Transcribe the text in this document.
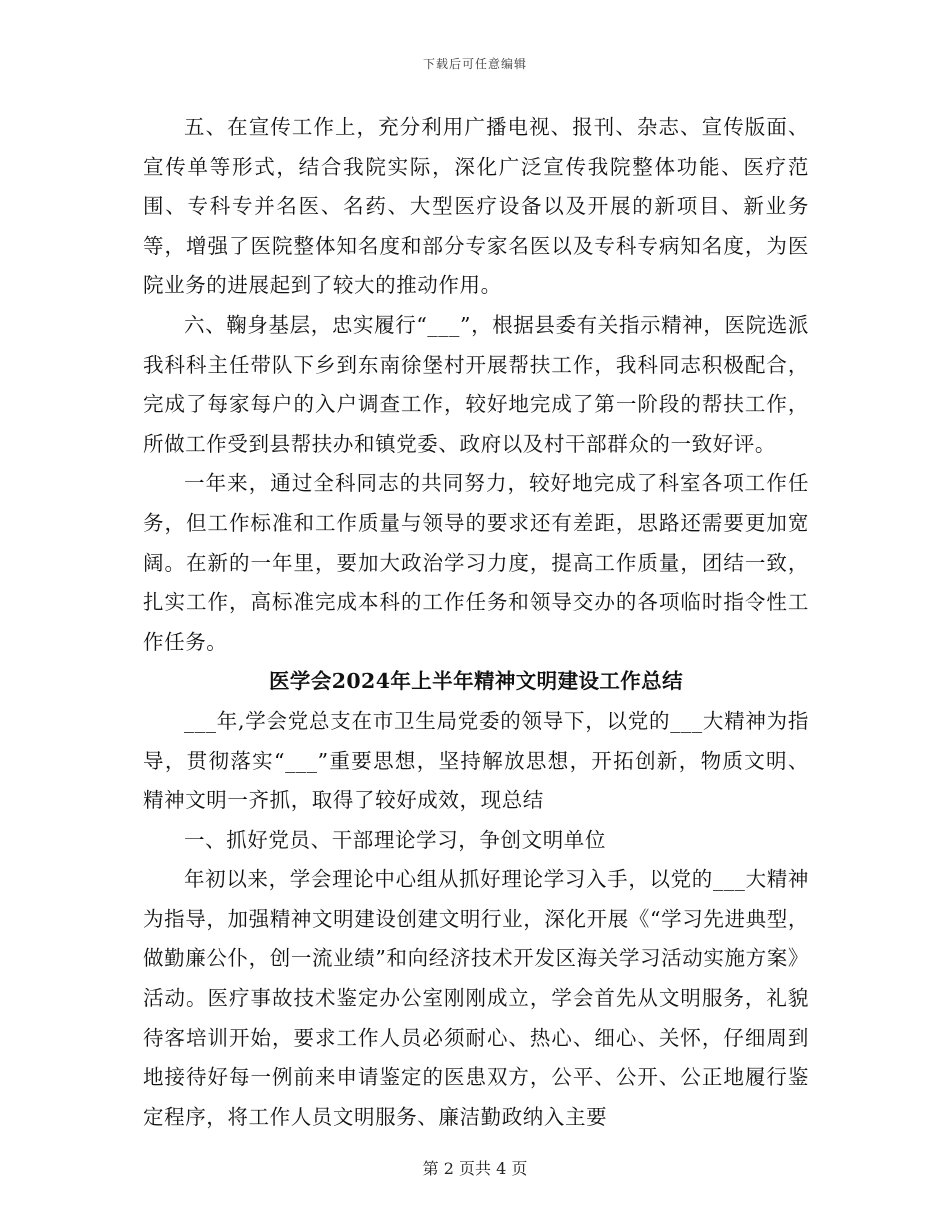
下载后可任意编辑

五、在宣传工作上，充分利用广播电视、报刊、杂志、宣传版面、宣传单等形式，结合我院实际，深化广泛宣传我院整体功能、医疗范围、专科专并名医、名药、大型医疗设备以及开展的新项目、新业务等，增强了医院整体知名度和部分专家名医以及专科专病知名度，为医院业务的进展起到了较大的推动作用。

六、鞠身基层，忠实履行“___”，根据县委有关指示精神，医院选派我科科主任带队下乡到东南徐堡村开展帮扶工作，我科同志积极配合，完成了每家每户的入户调查工作，较好地完成了第一阶段的帮扶工作，所做工作受到县帮扶办和镇党委、政府以及村干部群众的一致好评。

一年来，通过全科同志的共同努力，较好地完成了科室各项工作任务，但工作标准和工作质量与领导的要求还有差距，思路还需要更加宽阔。在新的一年里，要加大政治学习力度，提高工作质量，团结一致，扎实工作，高标准完成本科的工作任务和领导交办的各项临时指令性工作任务。

医学会2024年上半年精神文明建设工作总结

___年,学会党总支在市卫生局党委的领导下，以党的___大精神为指导，贯彻落实“___”重要思想，坚持解放思想，开拓创新，物质文明、精神文明一齐抓，取得了较好成效，现总结

一、抓好党员、干部理论学习，争创文明单位

年初以来，学会理论中心组从抓好理论学习入手，以党的___大精神为指导，加强精神文明建设创建文明行业，深化开展《“学习先进典型，做勤廉公仆，创一流业绩”和向经济技术开发区海关学习活动实施方案》活动。医疗事故技术鉴定办公室刚刚成立，学会首先从文明服务，礼貌待客培训开始，要求工作人员必须耐心、热心、细心、关怀，仔细周到地接待好每一例前来申请鉴定的医患双方，公平、公开、公正地履行鉴定程序，将工作人员文明服务、廉洁勤政纳入主要

第 2 页共 4 页
